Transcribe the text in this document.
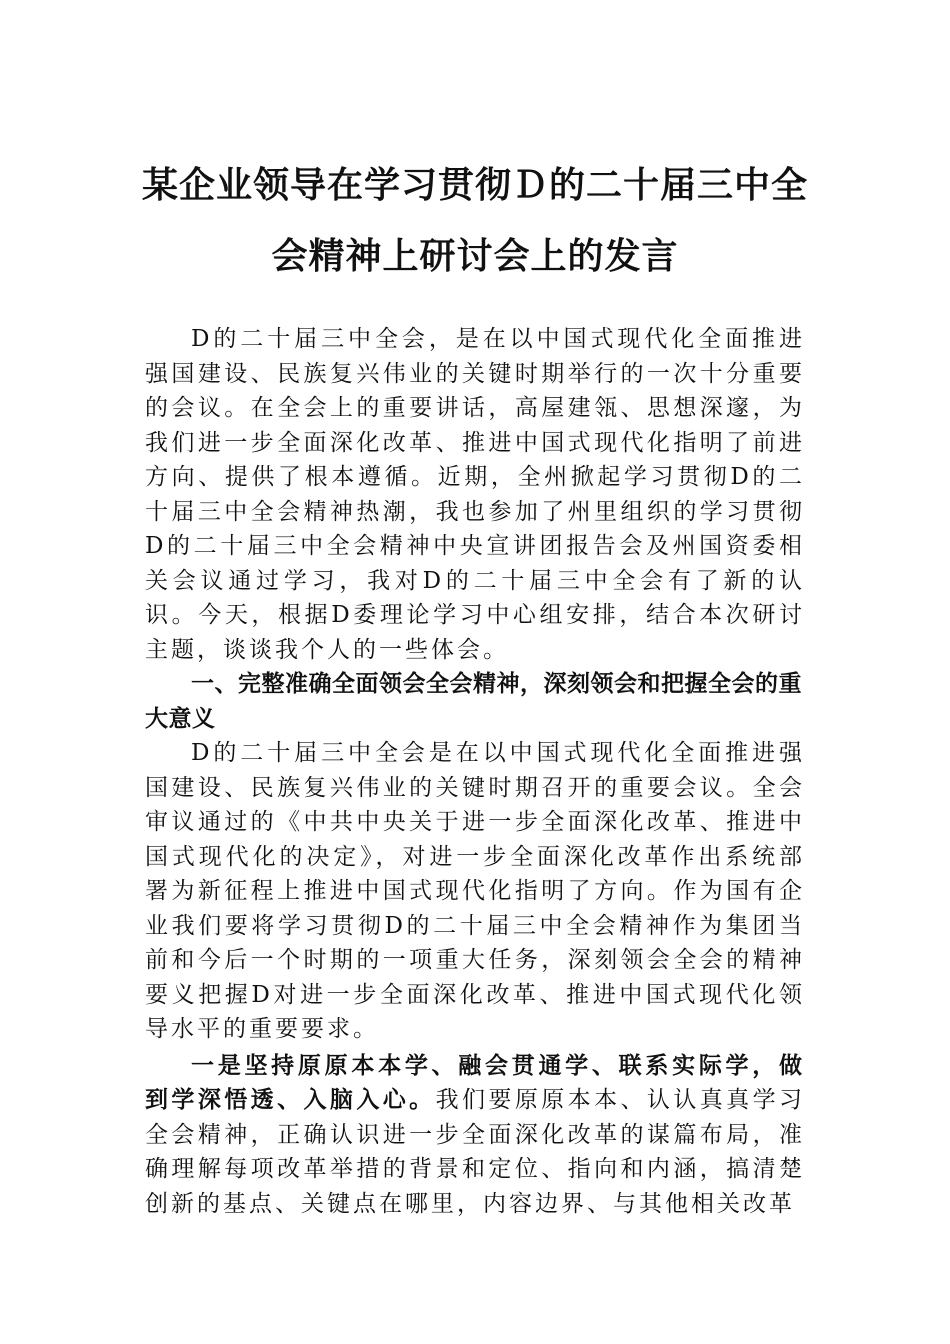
某企业领导在学习贯彻Ｄ的二十届三中全
会精神上研讨会上的发言

D的二十届三中全会，是在以中国式现代化全面推进强国建设、民族复兴伟业的关键时期举行的一次十分重要的会议。在全会上的重要讲话，高屋建瓴、思想深邃，为我们进一步全面深化改革、推进中国式现代化指明了前进方向、提供了根本遵循。近期，全州掀起学习贯彻D的二十届三中全会精神热潮，我也参加了州里组织的学习贯彻D的二十届三中全会精神中央宣讲团报告会及州国资委相关会议通过学习，我对D的二十届三中全会有了新的认识。今天，根据D委理论学习中心组安排，结合本次研讨主题，谈谈我个人的一些体会。

一、完整准确全面领会全会精神，深刻领会和把握全会的重大意义

D的二十届三中全会是在以中国式现代化全面推进强国建设、民族复兴伟业的关键时期召开的重要会议。全会审议通过的《中共中央关于进一步全面深化改革、推进中国式现代化的决定》，对进一步全面深化改革作出系统部署为新征程上推进中国式现代化指明了方向。作为国有企业我们要将学习贯彻D的二十届三中全会精神作为集团当前和今后一个时期的一项重大任务，深刻领会全会的精神要义把握D对进一步全面深化改革、推进中国式现代化领导水平的重要要求。

一是坚持原原本本学、融会贯通学、联系实际学，做到学深悟透、入脑入心。我们要原原本本、认认真真学习全会精神，正确认识进一步全面深化改革的谋篇布局，准确理解每项改革举措的背景和定位、指向和内涵，搞清楚创新的基点、关键点在哪里，内容边界、与其他相关改革
